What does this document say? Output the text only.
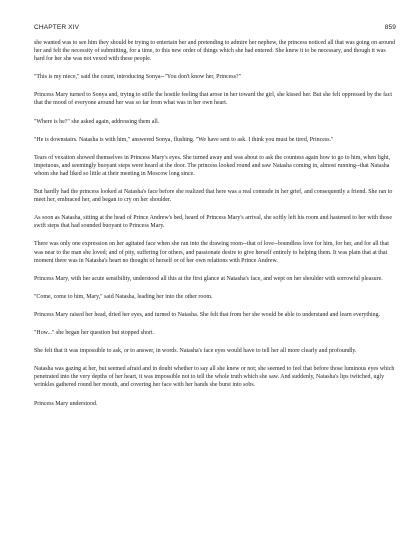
CHAPTER XIV	859

she wanted was to see him they should be trying to entertain her and pretending to admire her nephew, the princess noticed all that was going on around her and felt the necessity of submitting, for a time, to this new order of things which she had entered. She knew it to be necessary, and though it was hard for her she was not vexed with these people.

"This is my niece," said the count, introducing Sonya--"You don't know her, Princess?"

Princess Mary turned to Sonya and, trying to stifle the hostile feeling that arose in her toward the girl, she kissed her. But she felt oppressed by the fact that the mood of everyone around her was so far from what was in her own heart.

"Where is he?" she asked again, addressing them all.

"He is downstairs. Natasha is with him," answered Sonya, flushing. "We have sent to ask. I think you must be tired, Princess."

Tears of vexation showed themselves in Princess Mary's eyes. She turned away and was about to ask the countess again how to go to him, when light, impetuous, and seemingly buoyant steps were heard at the door. The princess looked round and saw Natasha coming in, almost running--that Natasha whom she had liked so little at their meeting in Moscow long since.

But hardly had the princess looked at Natasha's face before she realized that here was a real comrade in her grief, and consequently a friend. She ran to meet her, embraced her, and began to cry on her shoulder.

As soon as Natasha, sitting at the head of Prince Andrew's bed, heard of Princess Mary's arrival, she softly left his room and hastened to her with those swift steps that had sounded buoyant to Princess Mary.

There was only one expression on her agitated face when she ran into the drawing room--that of love--boundless love for him, for her, and for all that was near to the man she loved; and of pity, suffering for others, and passionate desire to give herself entirely to helping them. It was plain that at that moment there was in Natasha's heart no thought of herself or of her own relations with Prince Andrew.

Princess Mary, with her acute sensibility, understood all this at the first glance at Natasha's face, and wept on her shoulder with sorrowful pleasure.

"Come, come to him, Mary," said Natasha, leading her into the other room.

Princess Mary raised her head, dried her eyes, and turned to Natasha. She felt that from her she would be able to understand and learn everything.

"How..." she began her question but stopped short.

She felt that it was impossible to ask, or to answer, in words. Natasha's face eyes would have to tell her all more clearly and profoundly.

Natasha was gazing at her, but seemed afraid and in doubt whether to say all she knew or not; she seemed to feel that before those luminous eyes which penetrated into the very depths of her heart, it was impossible not to tell the whole truth which she saw. And suddenly, Natasha's lips twitched, ugly wrinkles gathered round her mouth, and covering her face with her hands she burst into sobs.

Princess Mary understood.
